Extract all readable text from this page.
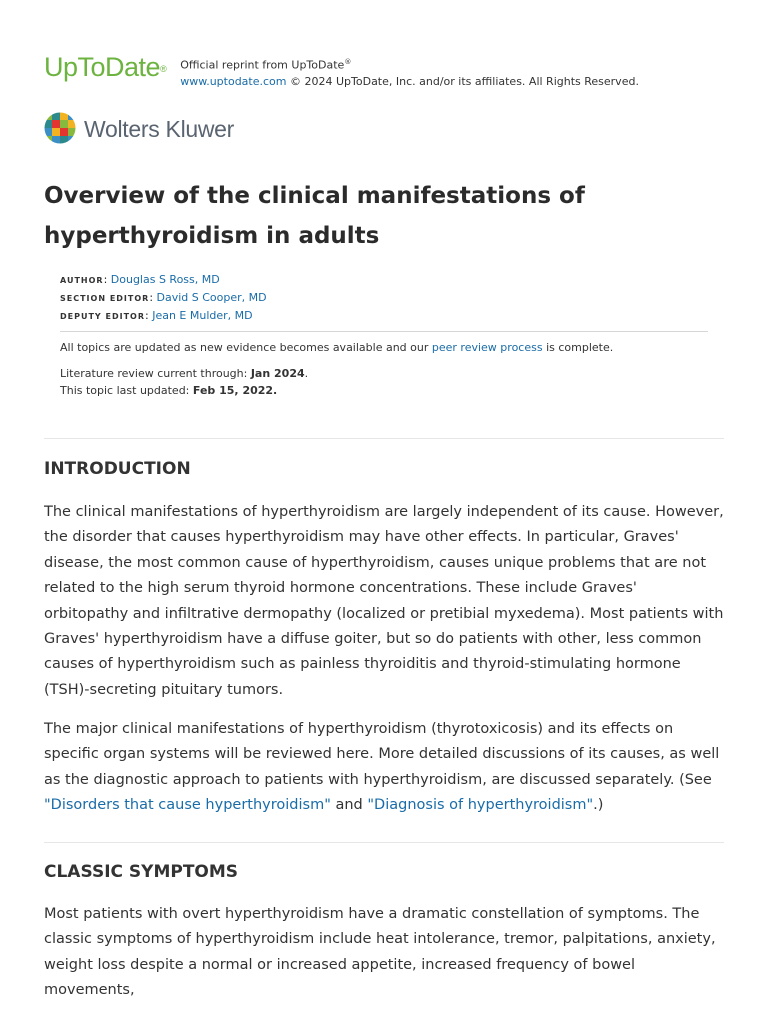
UpToDate® Official reprint from UpToDate®
www.uptodate.com © 2024 UpToDate, Inc. and/or its affiliates. All Rights Reserved.
Wolters Kluwer
Overview of the clinical manifestations of hyperthyroidism in adults
AUTHOR: Douglas S Ross, MD
SECTION EDITOR: David S Cooper, MD
DEPUTY EDITOR: Jean E Mulder, MD
All topics are updated as new evidence becomes available and our peer review process is complete.
Literature review current through: Jan 2024.
This topic last updated: Feb 15, 2022.
INTRODUCTION

The clinical manifestations of hyperthyroidism are largely independent of its cause. However, the disorder that causes hyperthyroidism may have other effects. In particular, Graves' disease, the most common cause of hyperthyroidism, causes unique problems that are not related to the high serum thyroid hormone concentrations. These include Graves' orbitopathy and infiltrative dermopathy (localized or pretibial myxedema). Most patients with Graves' hyperthyroidism have a diffuse goiter, but so do patients with other, less common causes of hyperthyroidism such as painless thyroiditis and thyroid-stimulating hormone (TSH)-secreting pituitary tumors.

The major clinical manifestations of hyperthyroidism (thyrotoxicosis) and its effects on specific organ systems will be reviewed here. More detailed discussions of its causes, as well as the diagnostic approach to patients with hyperthyroidism, are discussed separately. (See "Disorders that cause hyperthyroidism" and "Diagnosis of hyperthyroidism".)

CLASSIC SYMPTOMS

Most patients with overt hyperthyroidism have a dramatic constellation of symptoms. The classic symptoms of hyperthyroidism include heat intolerance, tremor, palpitations, anxiety, weight loss despite a normal or increased appetite, increased frequency of bowel movements,
